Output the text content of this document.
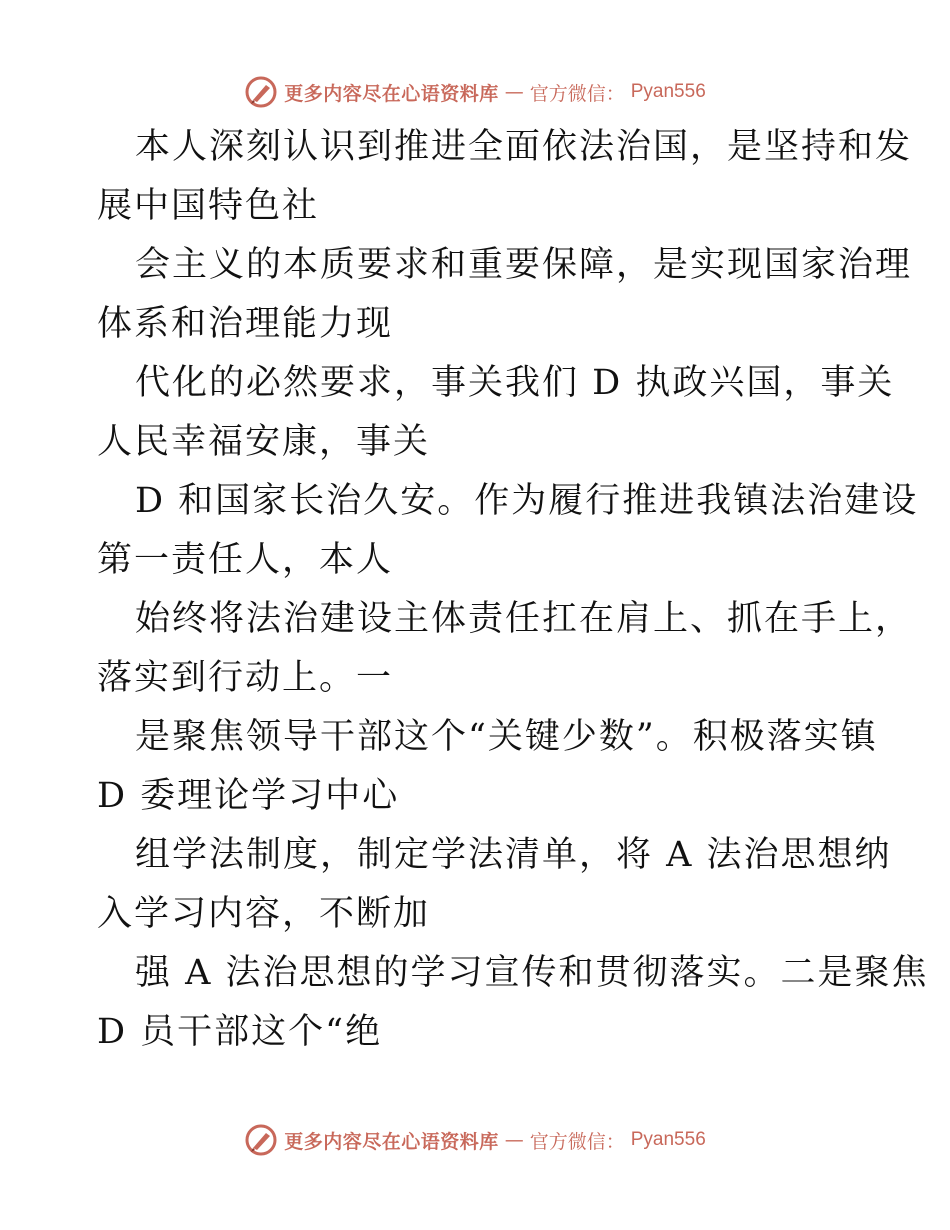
更多内容尽在心语资料库 — 官方微信： Pyan556
本人深刻认识到推进全面依法治国，是坚持和发
展中国特色社
会主义的本质要求和重要保障，是实现国家治理
体系和治理能力现
代化的必然要求，事关我们 D 执政兴国，事关
人民幸福安康，事关
D 和国家长治久安。作为履行推进我镇法治建设
第一责任人，本人
始终将法治建设主体责任扛在肩上、抓在手上，
落实到行动上。一
是聚焦领导干部这个“关键少数”。积极落实镇
D 委理论学习中心
组学法制度，制定学法清单，将 A 法治思想纳
入学习内容，不断加
强 A 法治思想的学习宣传和贯彻落实。二是聚焦
D 员干部这个“绝
更多内容尽在心语资料库 — 官方微信： Pyan556
